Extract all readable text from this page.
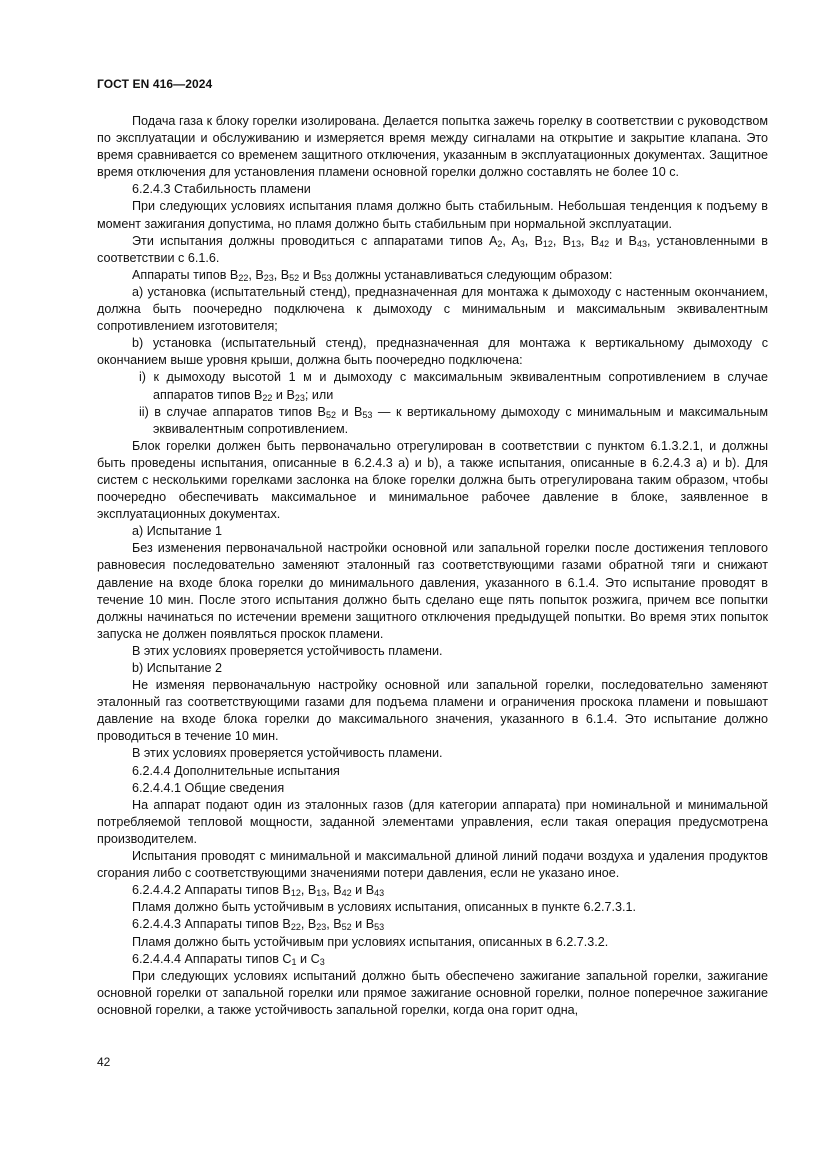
ГОСТ EN 416—2024

Подача газа к блоку горелки изолирована. Делается попытка зажечь горелку в соответствии с руководством по эксплуатации и обслуживанию и измеряется время между сигналами на открытие и закрытие клапана. Это время сравнивается со временем защитного отключения, указанным в эксплуатационных документах. Защитное время отключения для установления пламени основной горелки должно составлять не более 10 с.

6.2.4.3 Стабильность пламени

При следующих условиях испытания пламя должно быть стабильным. Небольшая тенденция к подъему в момент зажигания допустима, но пламя должно быть стабильным при нормальной эксплуатации.

Эти испытания должны проводиться с аппаратами типов $A_2$, $A_3$, $B_{12}$, $B_{13}$, $B_{42}$ и $B_{43}$, установленными в соответствии с 6.1.6.

Аппараты типов $B_{22}$, $B_{23}$, $B_{52}$ и $B_{53}$ должны устанавливаться следующим образом:

a) установка (испытательный стенд), предназначенная для монтажа к дымоходу с настенным окончанием, должна быть поочередно подключена к дымоходу с минимальным и максимальным эквивалентным сопротивлением изготовителя;

b) установка (испытательный стенд), предназначенная для монтажа к вертикальному дымоходу с окончанием выше уровня крыши, должна быть поочередно подключена:

i) к дымоходу высотой 1 м и дымоходу с максимальным эквивалентным сопротивлением в случае аппаратов типов $B_{22}$ и $B_{23}$; или

ii) в случае аппаратов типов $B_{52}$ и $B_{53}$ — к вертикальному дымоходу с минимальным и максимальным эквивалентным сопротивлением.

Блок горелки должен быть первоначально отрегулирован в соответствии с пунктом 6.1.3.2.1, и должны быть проведены испытания, описанные в 6.2.4.3 a) и b), а также испытания, описанные в 6.2.4.3 a) и b). Для систем с несколькими горелками заслонка на блоке горелки должна быть отрегулирована таким образом, чтобы поочередно обеспечивать максимальное и минимальное рабочее давление в блоке, заявленное в эксплуатационных документах.

a) Испытание 1

Без изменения первоначальной настройки основной или запальной горелки после достижения теплового равновесия последовательно заменяют эталонный газ соответствующими газами обратной тяги и снижают давление на входе блока горелки до минимального давления, указанного в 6.1.4. Это испытание проводят в течение 10 мин. После этого испытания должно быть сделано еще пять попыток розжига, причем все попытки должны начинаться по истечении времени защитного отключения предыдущей попытки. Во время этих попыток запуска не должен появляться проскок пламени.

В этих условиях проверяется устойчивость пламени.

b) Испытание 2

Не изменяя первоначальную настройку основной или запальной горелки, последовательно заменяют эталонный газ соответствующими газами для подъема пламени и ограничения проскока пламени и повышают давление на входе блока горелки до максимального значения, указанного в 6.1.4. Это испытание должно проводиться в течение 10 мин.

В этих условиях проверяется устойчивость пламени.

6.2.4.4 Дополнительные испытания

6.2.4.4.1 Общие сведения

На аппарат подают один из эталонных газов (для категории аппарата) при номинальной и минимальной потребляемой тепловой мощности, заданной элементами управления, если такая операция предусмотрена производителем.

Испытания проводят с минимальной и максимальной длиной линий подачи воздуха и удаления продуктов сгорания либо с соответствующими значениями потери давления, если не указано иное.

6.2.4.4.2 Аппараты типов $B_{12}$, $B_{13}$, $B_{42}$ и $B_{43}$

Пламя должно быть устойчивым в условиях испытания, описанных в пункте 6.2.7.3.1.

6.2.4.4.3 Аппараты типов $B_{22}$, $B_{23}$, $B_{52}$ и $B_{53}$

Пламя должно быть устойчивым при условиях испытания, описанных в 6.2.7.3.2.

6.2.4.4.4 Аппараты типов $C_1$ и $C_3$

При следующих условиях испытаний должно быть обеспечено зажигание запальной горелки, зажигание основной горелки от запальной горелки или прямое зажигание основной горелки, полное поперечное зажигание основной горелки, а также устойчивость запальной горелки, когда она горит одна,

42
